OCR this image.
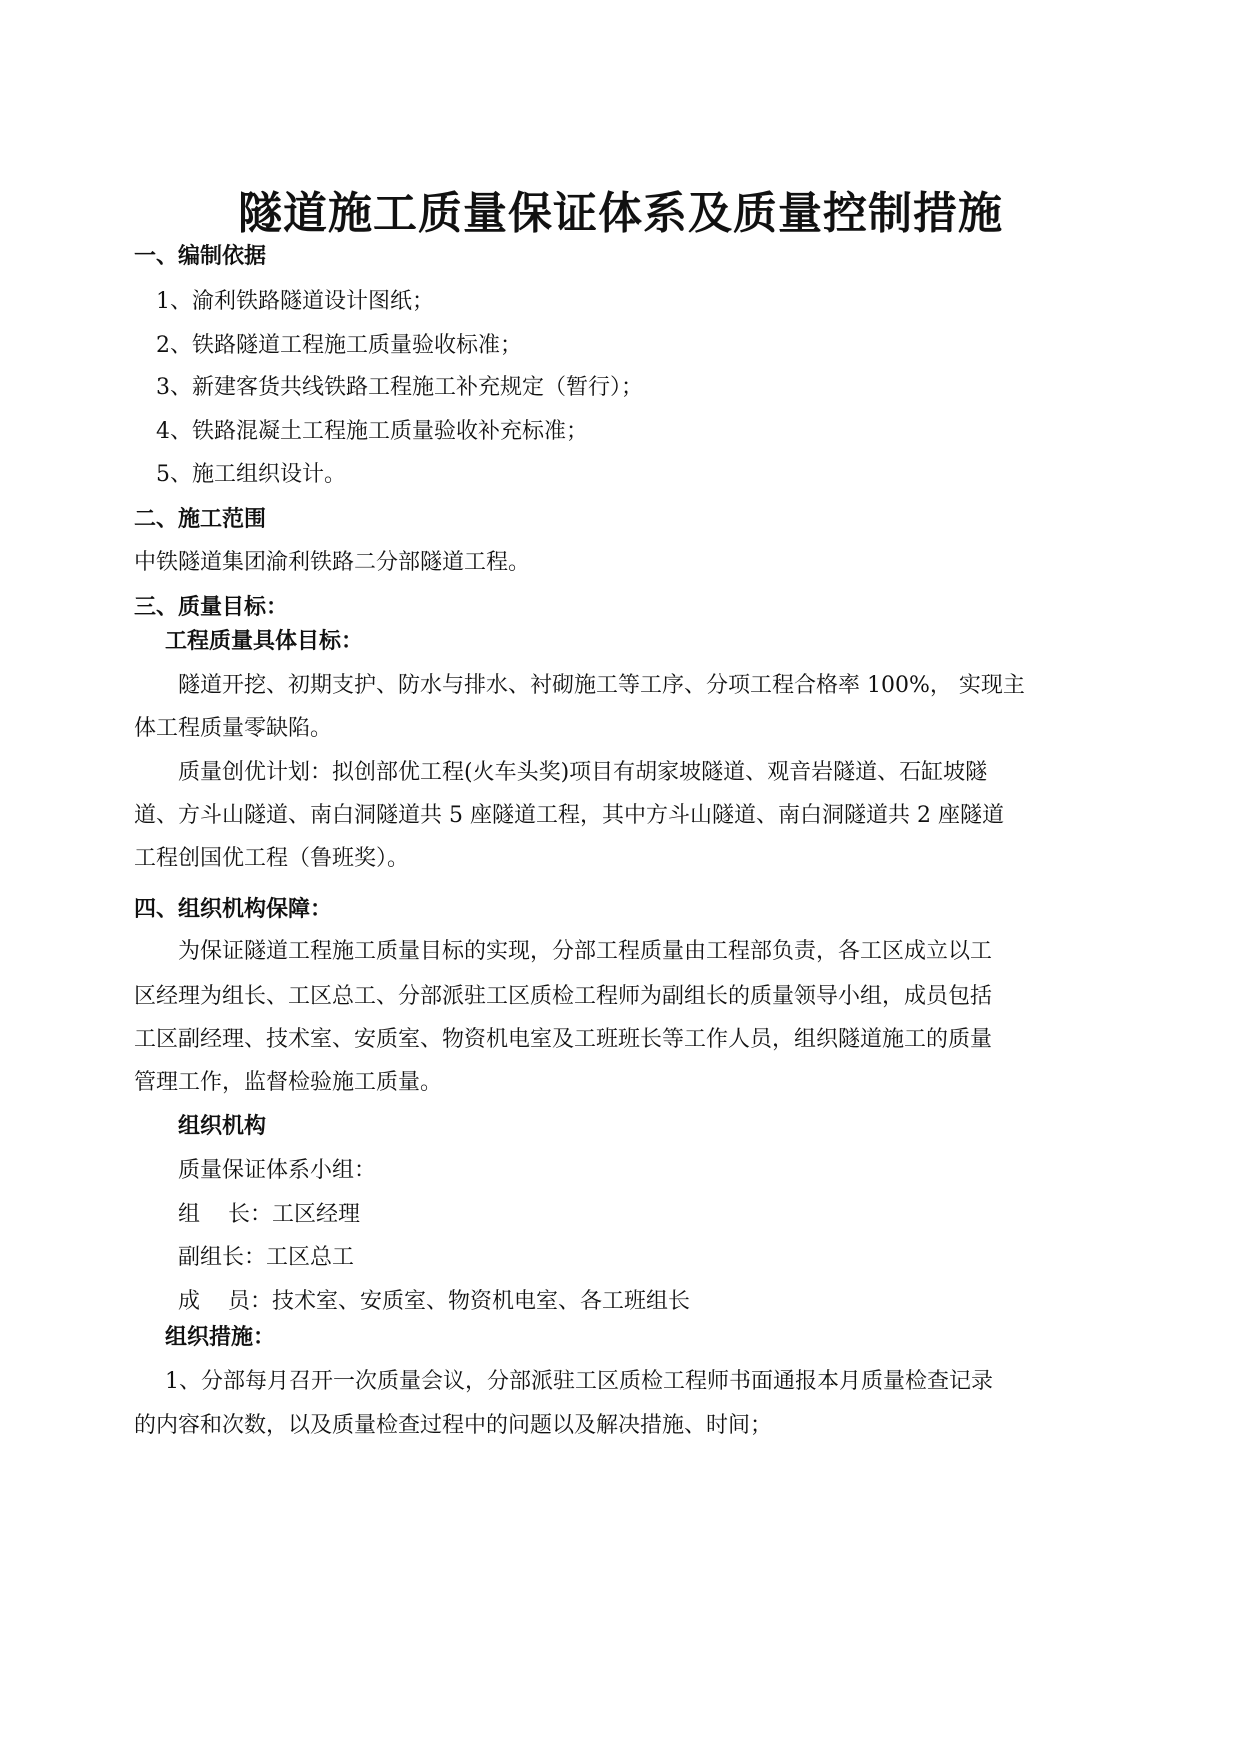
隧道施工质量保证体系及质量控制措施
一、编制依据
1、渝利铁路隧道设计图纸；
2、铁路隧道工程施工质量验收标准；
3、新建客货共线铁路工程施工补充规定（暂行）；
4、铁路混凝土工程施工质量验收补充标准；
5、施工组织设计。
二、施工范围
中铁隧道集团渝利铁路二分部隧道工程。
三、质量目标：
工程质量具体目标：
隧道开挖、初期支护、防水与排水、衬砌施工等工序、分项工程合格率 100%， 实现主
体工程质量零缺陷。
质量创优计划：拟创部优工程(火车头奖)项目有胡家坡隧道、观音岩隧道、石缸坡隧
道、方斗山隧道、南白洞隧道共 5 座隧道工程，其中方斗山隧道、南白洞隧道共 2 座隧道
工程创国优工程（鲁班奖）。
四、组织机构保障：
为保证隧道工程施工质量目标的实现，分部工程质量由工程部负责，各工区成立以工
区经理为组长、工区总工、分部派驻工区质检工程师为副组长的质量领导小组，成员包括
工区副经理、技术室、安质室、物资机电室及工班班长等工作人员，组织隧道施工的质量
管理工作，监督检验施工质量。
组织机构
质量保证体系小组：
组    长：工区经理
副组长：工区总工
成    员：技术室、安质室、物资机电室、各工班组长
组织措施：
1、分部每月召开一次质量会议，分部派驻工区质检工程师书面通报本月质量检查记录
的内容和次数，以及质量检查过程中的问题以及解决措施、时间；
